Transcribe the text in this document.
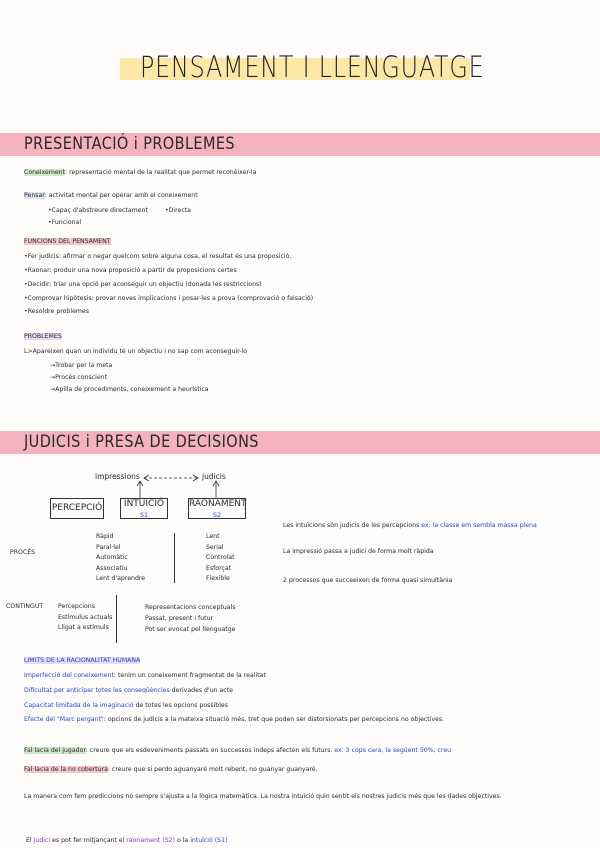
PENSAMENT I LLENGUATGE
PRESENTACIÓ i PROBLEMES
Coneixement: representació mental de la realitat que permet reconèixer-la
Pensar: activitat mental per operar amb el coneixement
•Capaç d'abstreure directament
•Funcional
•Directa
FUNCIONS DEL PENSAMENT
•Fer judicis: afirmar o negar quelcom sobre alguna cosa, el resultat és una proposició.
•Raonar: produir una nova proposició a partir de proposicions certes
•Decidir: triar una opció per aconseguir un objectiu (donada les restriccions)
•Comprovar hipòtesis: provar noves implicacions i posar-les a prova (comprovació o falsació)
•Resoldre problemes
PROBLEMES
L>Apareixen quan un individu té un objectiu i no sap com aconseguir-lo
→Trobar per la meta
→Procés conscient
→Apilla de procediments, coneixement a heurística
JUDICIS i PRESA DE DECISIONS
impressions	judicis
PERCEPCIÓ	INTUÏCIÓ
S1
RAONAMENT
S2
Les intuïcions són judicis de les percepcions ex: la classe em sembla massa plena
La impressió passa a judici de forma molt ràpida
2 processos que succeeixen de forma quasi simultània
PROCÉS
Ràpid
Paral·lel
Automàtic
Associatiu
Lent d'aprendre
Lent
Serial
Controlat
Esforçat
Flexible
CONTINGUT Percepcions
Estímulus actuals
Lligat a estímuls
Representacions conceptuals
Passat, present i futur
Pot ser evocat pel llenguatge
LIMITS DE LA RACIONALITAT HUMANA
Imperfecció del coneixement: tenim un coneixement fragmentat de la realitat
Dificultat per anticipar totes les conseqüències derivades d'un acte
Capacitat limitada de la imaginació de totes les opcions possibles
Efecte del "Marc pergant": opcions de judicis a la mateixa situació més, tret que poden ser distorsionats per percepcions no objectives.
Fal·lacia del jugador: creure que els esdeveniments passats en successos indeps afecten els futurs. ex: 3 cops cara, la següent 50%, creu
Fal·lacia de la no cobertura: creure que si perdo aguanyaré molt rebent, no guanyar guanyaré.
La manera com fem prediccions no sempre s'ajusta a la lògica matemàtica. La nostra intuïció quin sentit els nostres judicis més que les dades objectives.
El Judici es pot fer mitjançant el raonament (S2) o la intuïció (S1)
